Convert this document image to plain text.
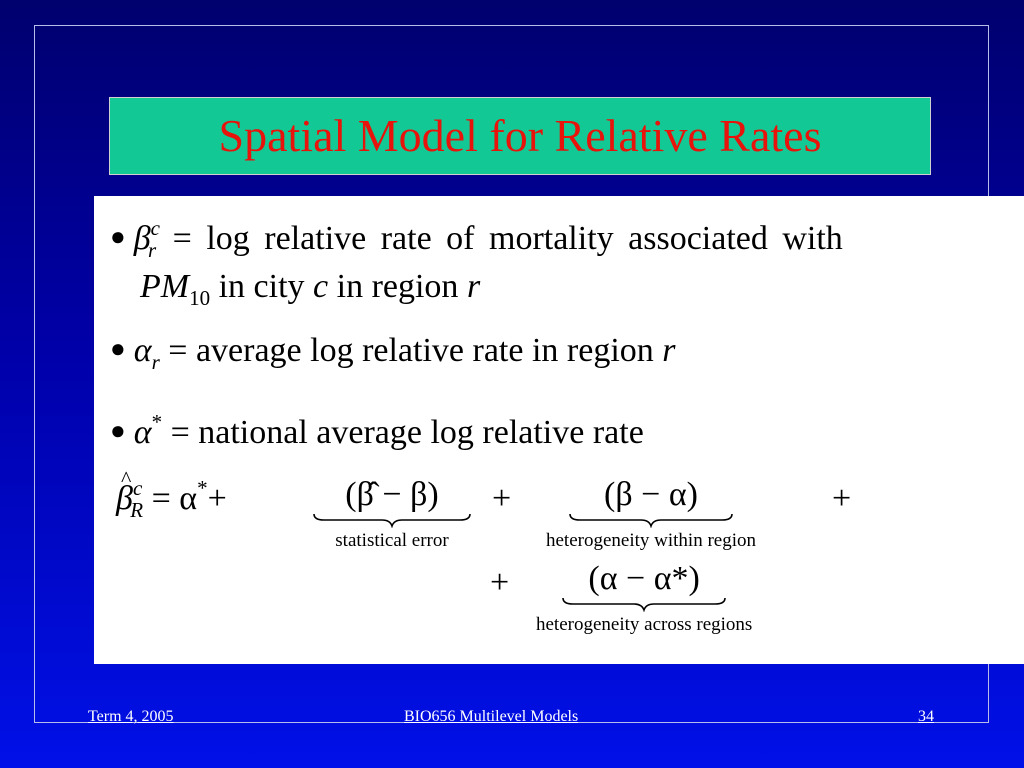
Spatial Model for Relative Rates
● $\beta^c_r = \log$ relative rate of mortality associated with
$PM_{10}$ in city c in region r
● $\alpha_r$ = average log relative rate in region r
● α* = national average log relative rate
^ $\beta^c_R = \alpha^*+$	(β̂ − β)
statistical error
+	(β − α)
heterogeneity within region
+
+ (α − α*)
heterogeneity across regions
Term 4, 2005	BIO656 Multilevel Models	34
